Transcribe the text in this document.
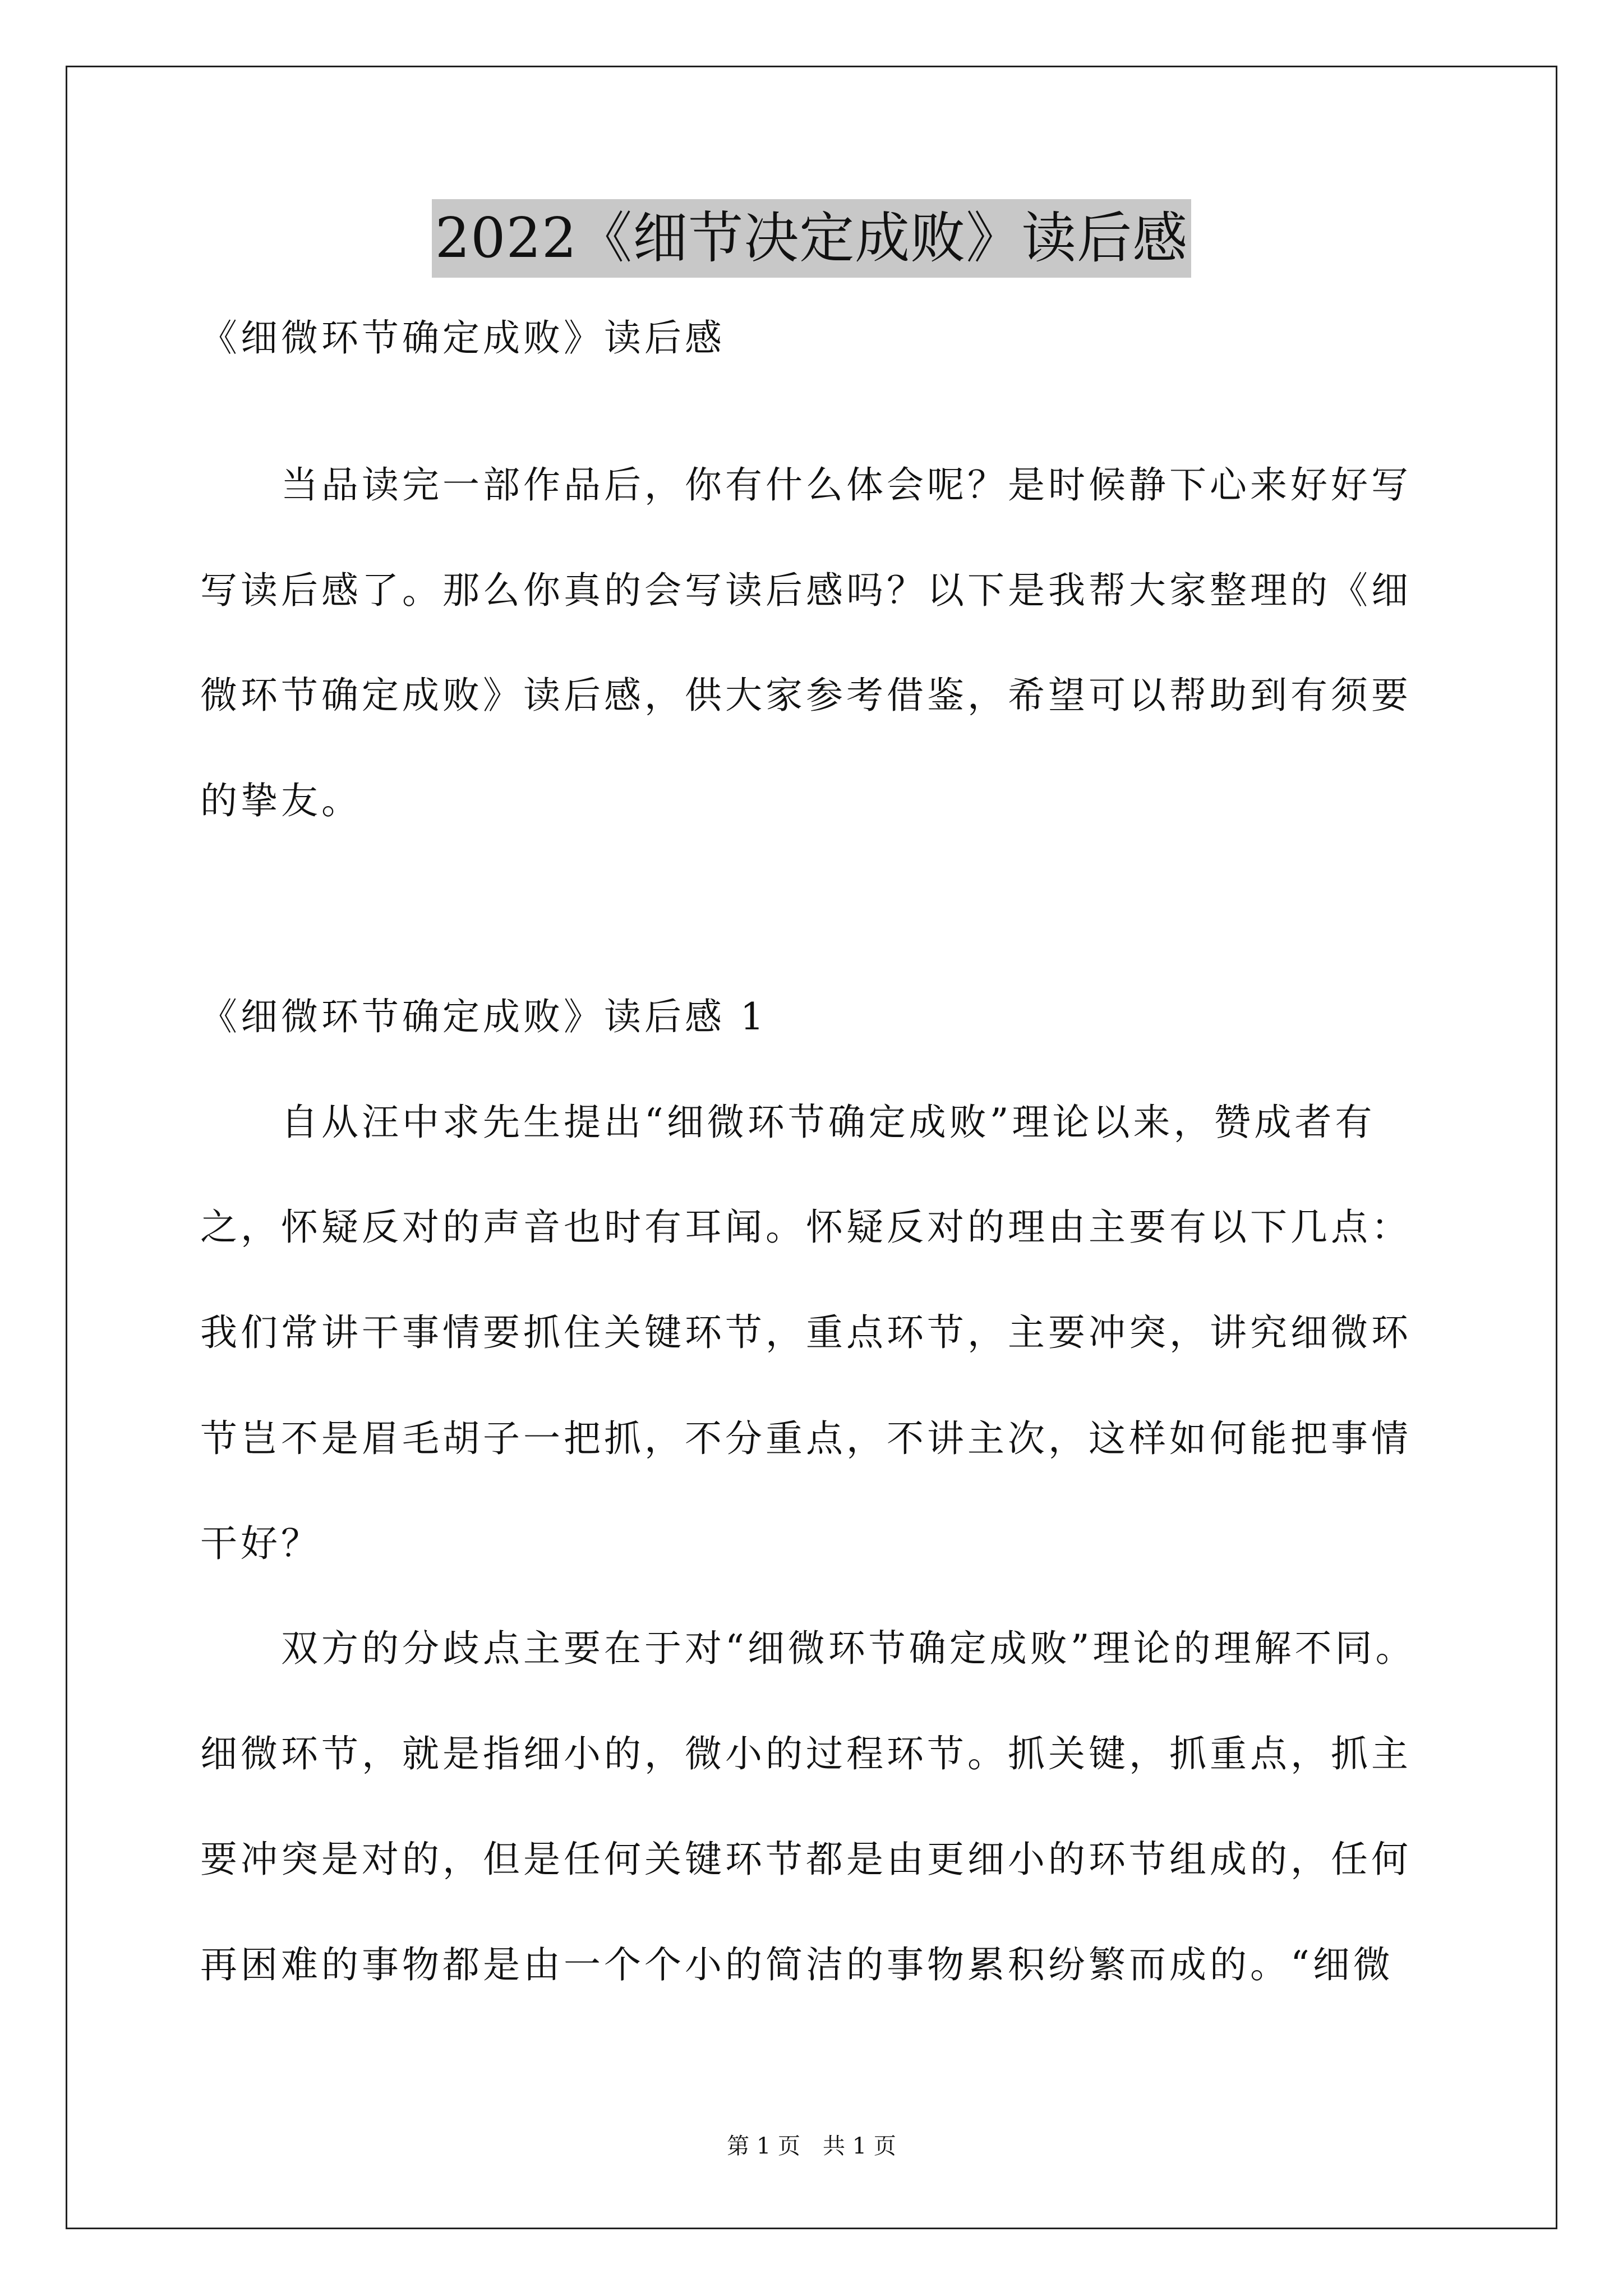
2022《细节决定成败》读后感
《细微环节确定成败》读后感
　　当品读完一部作品后，你有什么体会呢？是时候静下心来好好写
写读后感了。那么你真的会写读后感吗？以下是我帮大家整理的《细
微环节确定成败》读后感，供大家参考借鉴，希望可以帮助到有须要
的挚友。
《细微环节确定成败》读后感 1
　　自从汪中求先生提出“细微环节确定成败”理论以来，赞成者有
之，怀疑反对的声音也时有耳闻。怀疑反对的理由主要有以下几点：
我们常讲干事情要抓住关键环节，重点环节，主要冲突，讲究细微环
节岂不是眉毛胡子一把抓，不分重点，不讲主次，这样如何能把事情
干好？
　　双方的分歧点主要在于对“细微环节确定成败”理论的理解不同。
细微环节，就是指细小的，微小的过程环节。抓关键，抓重点，抓主
要冲突是对的，但是任何关键环节都是由更细小的环节组成的，任何
再困难的事物都是由一个个小的简洁的事物累积纷繁而成的。“细微
第 1 页　共 1 页
